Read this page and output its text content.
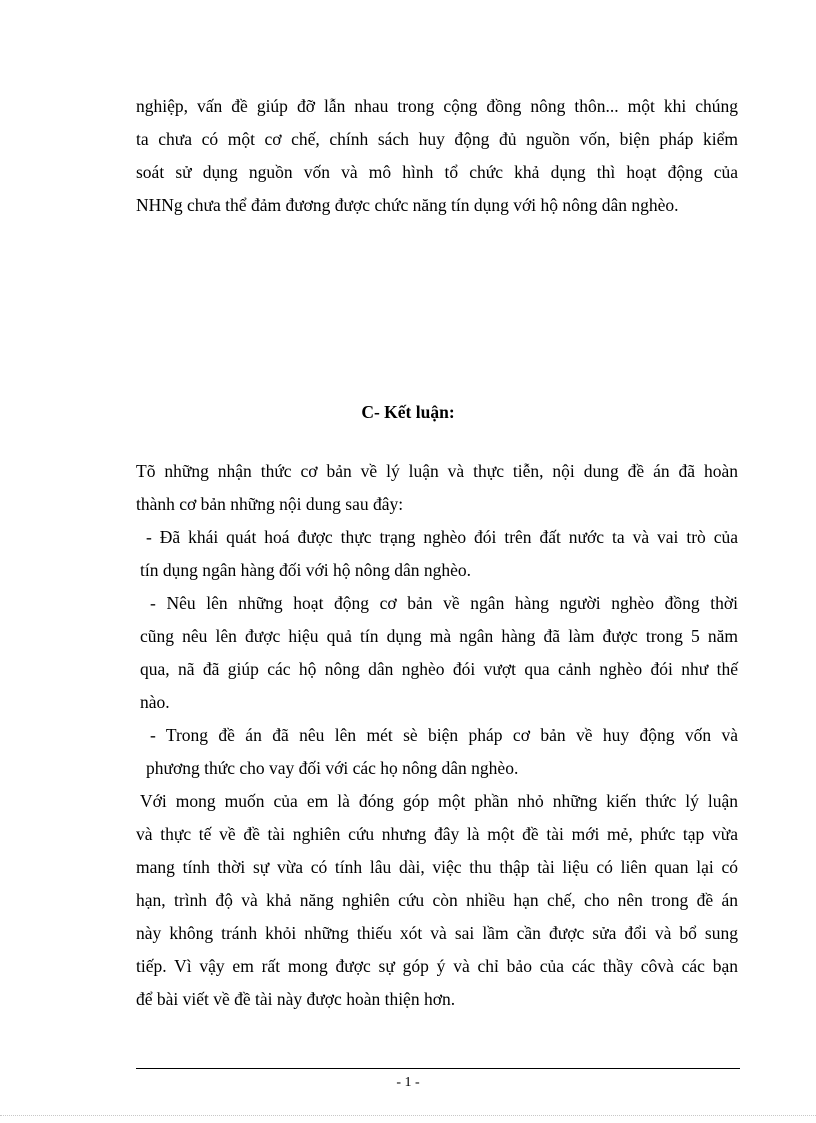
nghiệp, vấn đề giúp đỡ lẫn nhau trong cộng đồng nông thôn... một khi chúng
ta chưa có một cơ chế, chính sách huy động đủ nguồn vốn, biện pháp kiểm
soát sử dụng nguồn vốn và mô hình tổ chức khả dụng thì hoạt động của
NHNg chưa thể đảm đương được chức năng tín dụng với hộ nông dân nghèo.
C- Kết luận:
Tõ những nhận thức cơ bản về lý luận và thực tiễn, nội dung đề án đã hoàn
thành cơ bản những nội dung sau đây:
- Đã khái quát hoá được thực trạng nghèo đói trên đất nước ta và vai trò của
tín dụng ngân hàng đối với hộ nông dân nghèo.
- Nêu lên những hoạt động cơ bản về ngân hàng người nghèo đồng thời
cũng nêu lên được hiệu quả tín dụng mà ngân hàng đã làm được trong 5 năm
qua, nã đã giúp các hộ nông dân nghèo đói vượt qua cảnh nghèo đói như thế
nào.
- Trong đề án đã nêu lên mét sè biện pháp cơ bản về huy động vốn và
phương thức cho vay đối với các họ nông dân nghèo.
Với mong muốn của em là đóng góp một phần nhỏ những kiến thức lý luận
và thực tế về đề tài nghiên cứu nhưng đây là một đề tài mới mẻ, phức tạp vừa
mang tính thời sự vừa có tính lâu dài, việc thu thập tài liệu có liên quan lại có
hạn, trình độ và khả năng nghiên cứu còn nhiều hạn chế, cho nên trong đề án
này không tránh khỏi những thiếu xót và sai lầm cần được sửa đổi và bổ sung
tiếp. Vì vậy em rất mong được sự góp ý và chỉ bảo của các thầy côvà các bạn
để bài viết về đề tài này được hoàn thiện hơn.
- 1 -
